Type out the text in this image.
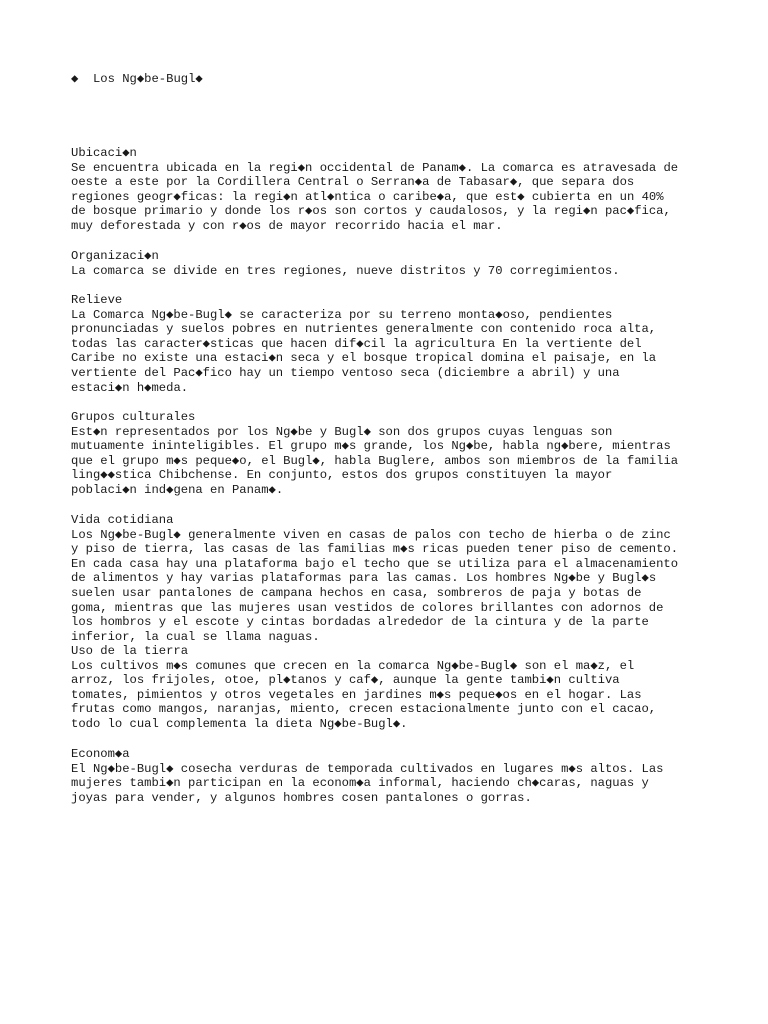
◆  Los Ng◆be-Bugl◆

Ubicaci◆n

Se encuentra ubicada en la regi◆n occidental de Panam◆. La comarca es atravesada de

oeste a este por la Cordillera Central o Serran◆a de Tabasar◆, que separa dos

regiones geogr◆ficas: la regi◆n atl◆ntica o caribe◆a, que est◆ cubierta en un 40%

de bosque primario y donde los r◆os son cortos y caudalosos, y la regi◆n pac◆fica,

muy deforestada y con r◆os de mayor recorrido hacia el mar.

Organizaci◆n

La comarca se divide en tres regiones, nueve distritos y 70 corregimientos.

Relieve

La Comarca Ng◆be-Bugl◆ se caracteriza por su terreno monta◆oso, pendientes

pronunciadas y suelos pobres en nutrientes generalmente con contenido roca alta,

todas las caracter◆sticas que hacen dif◆cil la agricultura En la vertiente del

Caribe no existe una estaci◆n seca y el bosque tropical domina el paisaje, en la

vertiente del Pac◆fico hay un tiempo ventoso seca (diciembre a abril) y una

estaci◆n h◆meda.

Grupos culturales

Est◆n representados por los Ng◆be y Bugl◆ son dos grupos cuyas lenguas son

mutuamente ininteligibles. El grupo m◆s grande, los Ng◆be, habla ng◆bere, mientras

que el grupo m◆s peque◆o, el Bugl◆, habla Buglere, ambos son miembros de la familia

ling◆◆stica Chibchense. En conjunto, estos dos grupos constituyen la mayor

poblaci◆n ind◆gena en Panam◆.

Vida cotidiana

Los Ng◆be-Bugl◆ generalmente viven en casas de palos con techo de hierba o de zinc

y piso de tierra, las casas de las familias m◆s ricas pueden tener piso de cemento.

En cada casa hay una plataforma bajo el techo que se utiliza para el almacenamiento

de alimentos y hay varias plataformas para las camas. Los hombres Ng◆be y Bugl◆s

suelen usar pantalones de campana hechos en casa, sombreros de paja y botas de

goma, mientras que las mujeres usan vestidos de colores brillantes con adornos de

los hombros y el escote y cintas bordadas alrededor de la cintura y de la parte

inferior, la cual se llama naguas.

Uso de la tierra

Los cultivos m◆s comunes que crecen en la comarca Ng◆be-Bugl◆ son el ma◆z, el

arroz, los frijoles, otoe, pl◆tanos y caf◆, aunque la gente tambi◆n cultiva

tomates, pimientos y otros vegetales en jardines m◆s peque◆os en el hogar. Las

frutas como mangos, naranjas, miento, crecen estacionalmente junto con el cacao,

todo lo cual complementa la dieta Ng◆be-Bugl◆.

Econom◆a

El Ng◆be-Bugl◆ cosecha verduras de temporada cultivados en lugares m◆s altos. Las

mujeres tambi◆n participan en la econom◆a informal, haciendo ch◆caras, naguas y

joyas para vender, y algunos hombres cosen pantalones o gorras.
